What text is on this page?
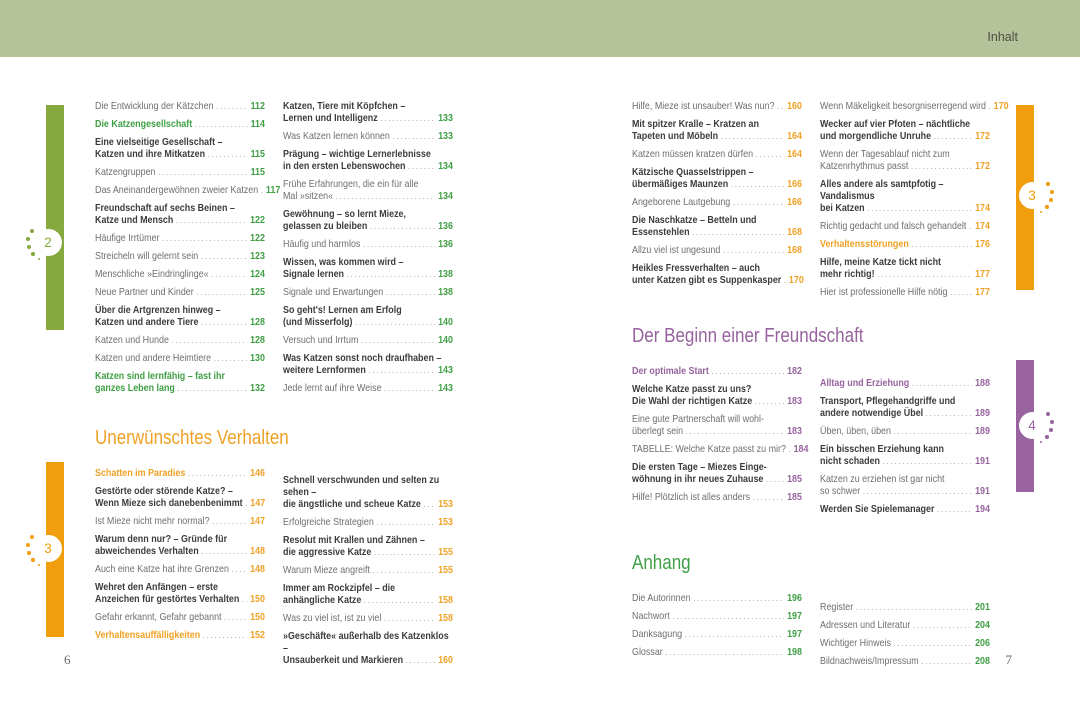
Inhalt
2
3
3
4
Die Entwicklung der Kätzchen .....	112
Die Katzengesellschaft .....	114
Eine vielseitige Gesellschaft –
Katzen und ihre Mitkatzen .....	115
Katzengruppen .....	115
Das Aneinandergewöhnen zweier Katzen ..... 117
Freundschaft auf sechs Beinen –
Katze und Mensch .....	122
Häufige Irrtümer .....	122
Streicheln will gelernt sein .....	123
Menschliche »Eindringlinge« .....	124
Neue Partner und Kinder .....	125
Über die Artgrenzen hinweg –
Katzen und andere Tiere .....	128
Katzen und Hunde .....	128
Katzen und andere Heimtiere .....	130
Katzen sind lernfähig – fast ihr
ganzes Leben lang .....	132
Unerwünschtes Verhalten
Schatten im Paradies .....	146
Gestörte oder störende Katze? –
Wenn Mieze sich danebenbenimmt ..... 147
Ist Mieze nicht mehr normal? .....	147
Warum denn nur? – Gründe für
abweichendes Verhalten .....	148
Auch eine Katze hat ihre Grenzen ..... 148
Wehret den Anfängen – erste
Anzeichen für gestörtes Verhalten ..... 150
Gefahr erkannt, Gefahr gebannt .....	150
Verhaltensauffälligkeiten .....	152
Katzen, Tiere mit Köpfchen –
Lernen und Intelligenz .....	133
Was Katzen lernen können .....	133
Prägung – wichtige Lernerlebnisse
in den ersten Lebenswochen .....	134
Frühe Erfahrungen, die ein für alle
Mal »sitzen« .....	134
Gewöhnung – so lernt Mieze,
gelassen zu bleiben .....	136
Häufig und harmlos .....	136
Wissen, was kommen wird –
Signale lernen .....	138
Signale und Erwartungen .....	138
So geht's! Lernen am Erfolg
(und Misserfolg) .....	140
Versuch und Irrtum .....	140
Was Katzen sonst noch draufhaben –
weitere Lernformen .....	143
Jede lernt auf ihre Weise .....	143
Schnell verschwunden und selten zu sehen –
die ängstliche und scheue Katze ..... 153
Erfolgreiche Strategien .....	153
Resolut mit Krallen und Zähnen –
die aggressive Katze .....	155
Warum Mieze angreift .....	155
Immer am Rockzipfel – die
anhängliche Katze .....	158
Was zu viel ist, ist zu viel .....	158
»Geschäfte« außerhalb des Katzenklos –
Unsauberkeit und Markieren .....	160
Hilfe, Mieze ist unsauber! Was nun? ..... 160
Mit spitzer Kralle – Kratzen an
Tapeten und Möbeln .....	164
Katzen müssen kratzen dürfen .....	164
Kätzische Quasselstrippen –
übermäßiges Maunzen .....	166
Angeborene Lautgebung .....	166
Die Naschkatze – Betteln und
Essenstehlen .....	168
Allzu viel ist ungesund .....	168
Heikles Fressverhalten – auch
unter Katzen gibt es Suppenkasper ..... 170
Der Beginn einer Freundschaft
Der optimale Start .....	182
Welche Katze passt zu uns?
Die Wahl der richtigen Katze .....	183
Eine gute Partnerschaft will wohl-
überlegt sein .....	183
TABELLE: Welche Katze passt zu mir? ..... 184
Die ersten Tage – Miezes Einge-
wöhnung in ihr neues Zuhause ..... 185
Hilfe! Plötzlich ist alles anders .....	185
Anhang
Die Autorinnen .....	196
Nachwort .....	197
Danksagung .....	197
Glossar .....	198
Wenn Mäkeligkeit besorgniserregend wird ..... 170
Wecker auf vier Pfoten – nächtliche
und morgendliche Unruhe .....	172
Wenn der Tagesablauf nicht zum
Katzenrhythmus passt .....	172
Alles andere als samtpfotig – Vandalismus
bei Katzen .....	174
Richtig gedacht und falsch gehandelt ..... 174
Verhaltensstörungen .....	176
Hilfe, meine Katze tickt nicht
mehr richtig! .....	177
Hier ist professionelle Hilfe nötig .....	177
Alltag und Erziehung .....	188
Transport, Pflegehandgriffe und
andere notwendige Übel .....	189
Üben, üben, üben .....	189
Ein bisschen Erziehung kann
nicht schaden .....	191
Katzen zu erziehen ist gar nicht
so schwer .....	191
Werden Sie Spielemanager .....	194
Register .....	201
Adressen und Literatur .....	204
Wichtiger Hinweis .....	206
Bildnachweis/Impressum .....	208
6	7
